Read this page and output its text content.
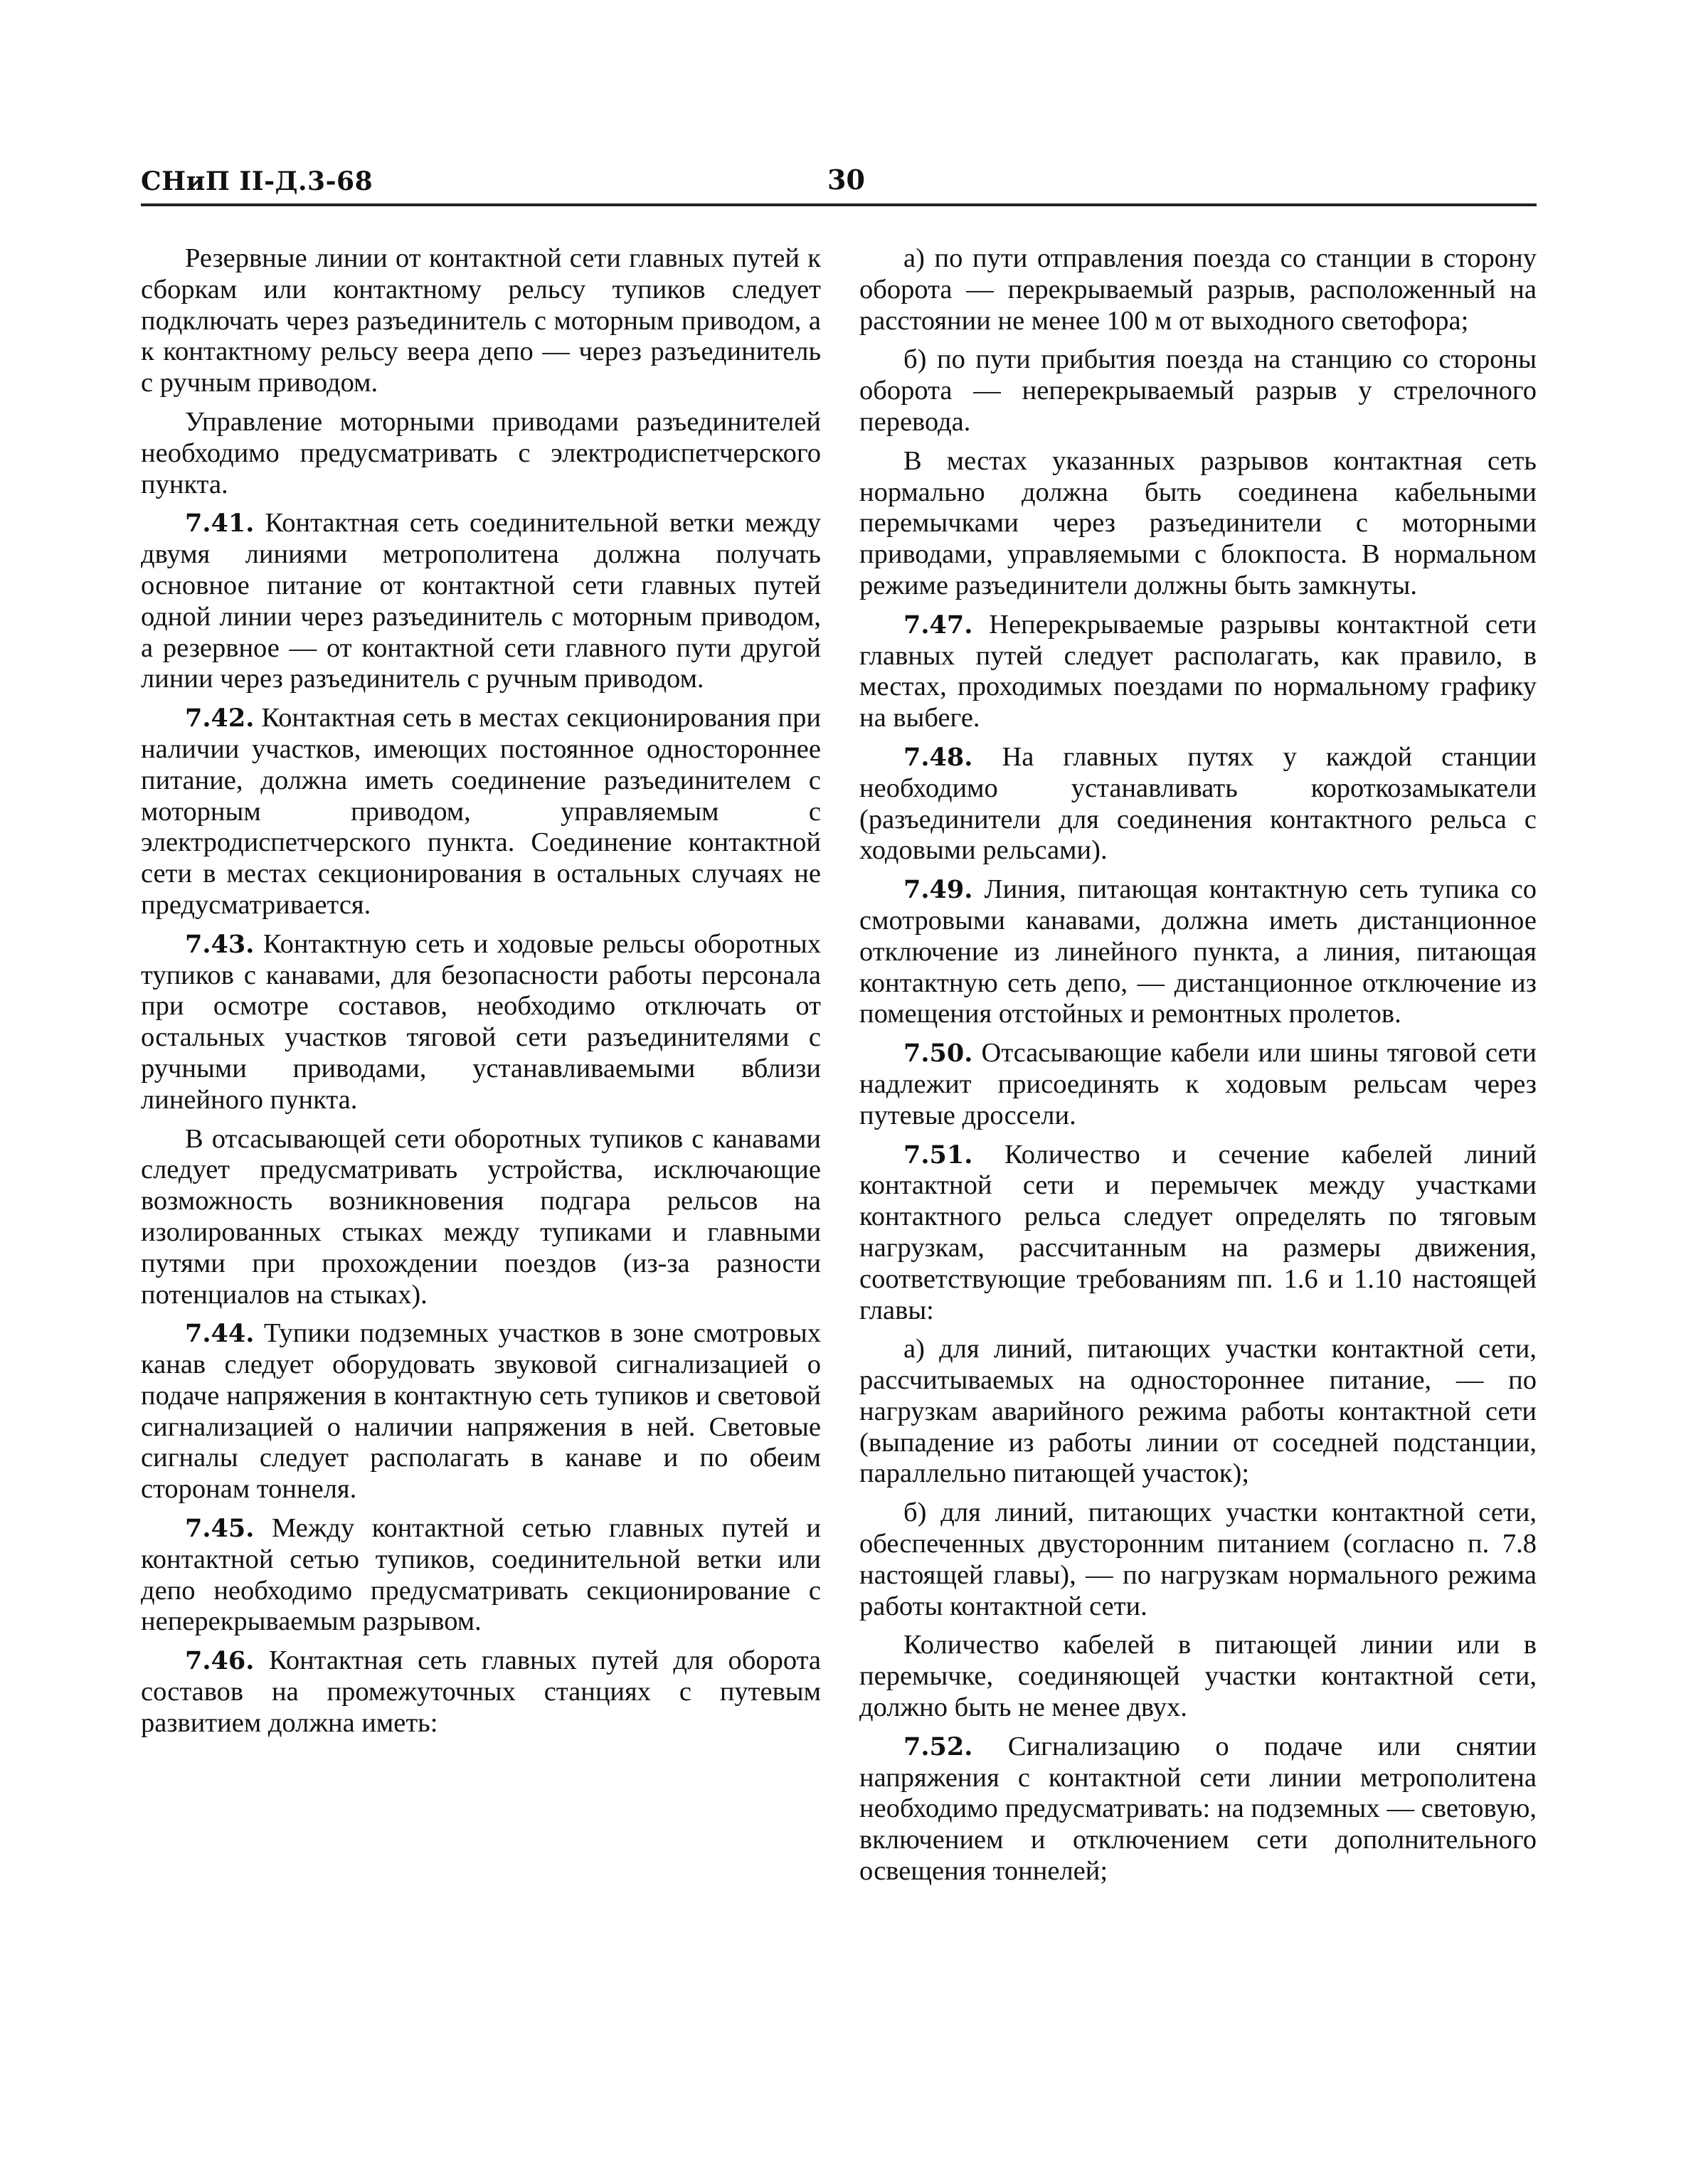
СНиП II-Д.3-68	30

Резервные линии от контактной сети главных путей к сборкам или контактному рельсу тупиков следует подключать через разъединитель с моторным приводом, а к контактному рельсу веера депо — через разъединитель с ручным приводом.

Управление моторными приводами разъединителей необходимо предусматривать с электродиспетчерского пункта.

7.41. Контактная сеть соединительной ветки между двумя линиями метрополитена должна получать основное питание от контактной сети главных путей одной линии через разъединитель с моторным приводом, а резервное — от контактной сети главного пути другой линии через разъединитель с ручным приводом.

7.42. Контактная сеть в местах секционирования при наличии участков, имеющих постоянное одностороннее питание, должна иметь соединение разъединителем с моторным приводом, управляемым с электродиспетчерского пункта. Соединение контактной сети в местах секционирования в остальных случаях не предусматривается.

7.43. Контактную сеть и ходовые рельсы оборотных тупиков с канавами, для безопасности работы персонала при осмотре составов, необходимо отключать от остальных участков тяговой сети разъединителями с ручными приводами, устанавливаемыми вблизи линейного пункта.

В отсасывающей сети оборотных тупиков с канавами следует предусматривать устройства, исключающие возможность возникновения подгара рельсов на изолированных стыках между тупиками и главными путями при прохождении поездов (из-за разности потенциалов на стыках).

7.44. Тупики подземных участков в зоне смотровых канав следует оборудовать звуковой сигнализацией о подаче напряжения в контактную сеть тупиков и световой сигнализацией о наличии напряжения в ней. Световые сигналы следует располагать в канаве и по обеим сторонам тоннеля.

7.45. Между контактной сетью главных путей и контактной сетью тупиков, соединительной ветки или депо необходимо предусматривать секционирование с неперекрываемым разрывом.

7.46. Контактная сеть главных путей для оборота составов на промежуточных станциях с путевым развитием должна иметь:

а) по пути отправления поезда со станции в сторону оборота — перекрываемый разрыв, расположенный на расстоянии не менее 100 м от выходного светофора;

б) по пути прибытия поезда на станцию со стороны оборота — неперекрываемый разрыв у стрелочного перевода.

В местах указанных разрывов контактная сеть нормально должна быть соединена кабельными перемычками через разъединители с моторными приводами, управляемыми с блокпоста. В нормальном режиме разъединители должны быть замкнуты.

7.47. Неперекрываемые разрывы контактной сети главных путей следует располагать, как правило, в местах, проходимых поездами по нормальному графику на выбеге.

7.48. На главных путях у каждой станции необходимо устанавливать короткозамыкатели (разъединители для соединения контактного рельса с ходовыми рельсами).

7.49. Линия, питающая контактную сеть тупика со смотровыми канавами, должна иметь дистанционное отключение из линейного пункта, а линия, питающая контактную сеть депо, — дистанционное отключение из помещения отстойных и ремонтных пролетов.

7.50. Отсасывающие кабели или шины тяговой сети надлежит присоединять к ходовым рельсам через путевые дроссели.

7.51. Количество и сечение кабелей линий контактной сети и перемычек между участками контактного рельса следует определять по тяговым нагрузкам, рассчитанным на размеры движения, соответствующие требованиям пп. 1.6 и 1.10 настоящей главы:

а) для линий, питающих участки контактной сети, рассчитываемых на одностороннее питание, — по нагрузкам аварийного режима работы контактной сети (выпадение из работы линии от соседней подстанции, параллельно питающей участок);

б) для линий, питающих участки контактной сети, обеспеченных двусторонним питанием (согласно п. 7.8 настоящей главы), — по нагрузкам нормального режима работы контактной сети.

Количество кабелей в питающей линии или в перемычке, соединяющей участки контактной сети, должно быть не менее двух.

7.52. Сигнализацию о подаче или снятии напряжения с контактной сети линии метрополитена необходимо предусматривать: на подземных — световую, включением и отключением сети дополнительного освещения тоннелей;
